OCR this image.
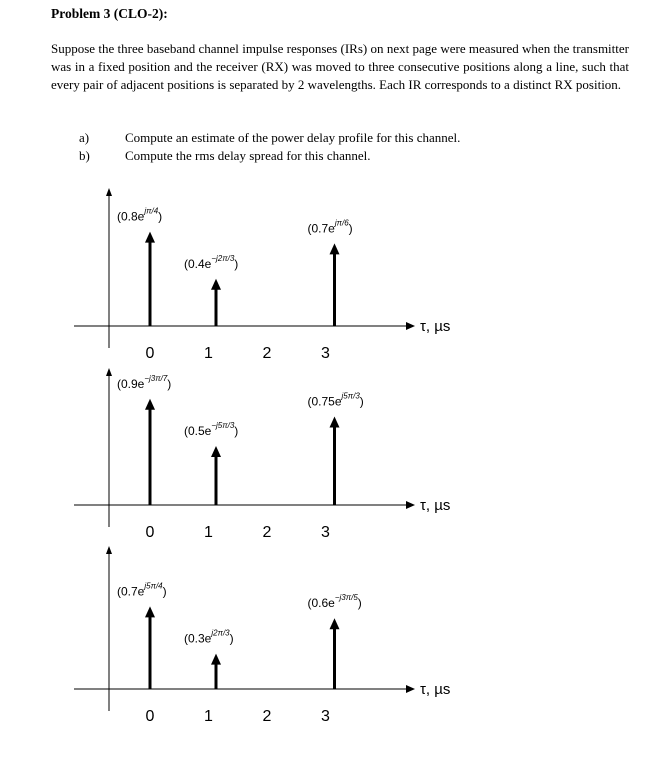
Problem 3 (CLO-2):

Suppose the three baseband channel impulse responses (IRs) on next page were measured when the transmitter was in a fixed position and the receiver (RX) was moved to three consecutive positions along a line, such that every pair of adjacent positions is separated by 2 wavelengths. Each IR corresponds to a distinct RX position.

a)	Compute an estimate of the power delay profile for this channel.
b)	Compute the rms delay spread for this channel.
τ, µs
0	1	2	3
$(0.8e^{j\pi/4})$
$(0.4e^{-j2\pi/3})$
$(0.7e^{j\pi/6})$
τ, µs
0	1	2	3
$(0.9e^{-j3\pi/7})$
$(0.5e^{-j5\pi/3})$
$(0.75e^{j5\pi/3})$
τ, µs
0	1	2	3
$(0.7e^{j5\pi/4})$
$(0.3e^{j2\pi/3})$
$(0.6e^{-j3\pi/5})$
